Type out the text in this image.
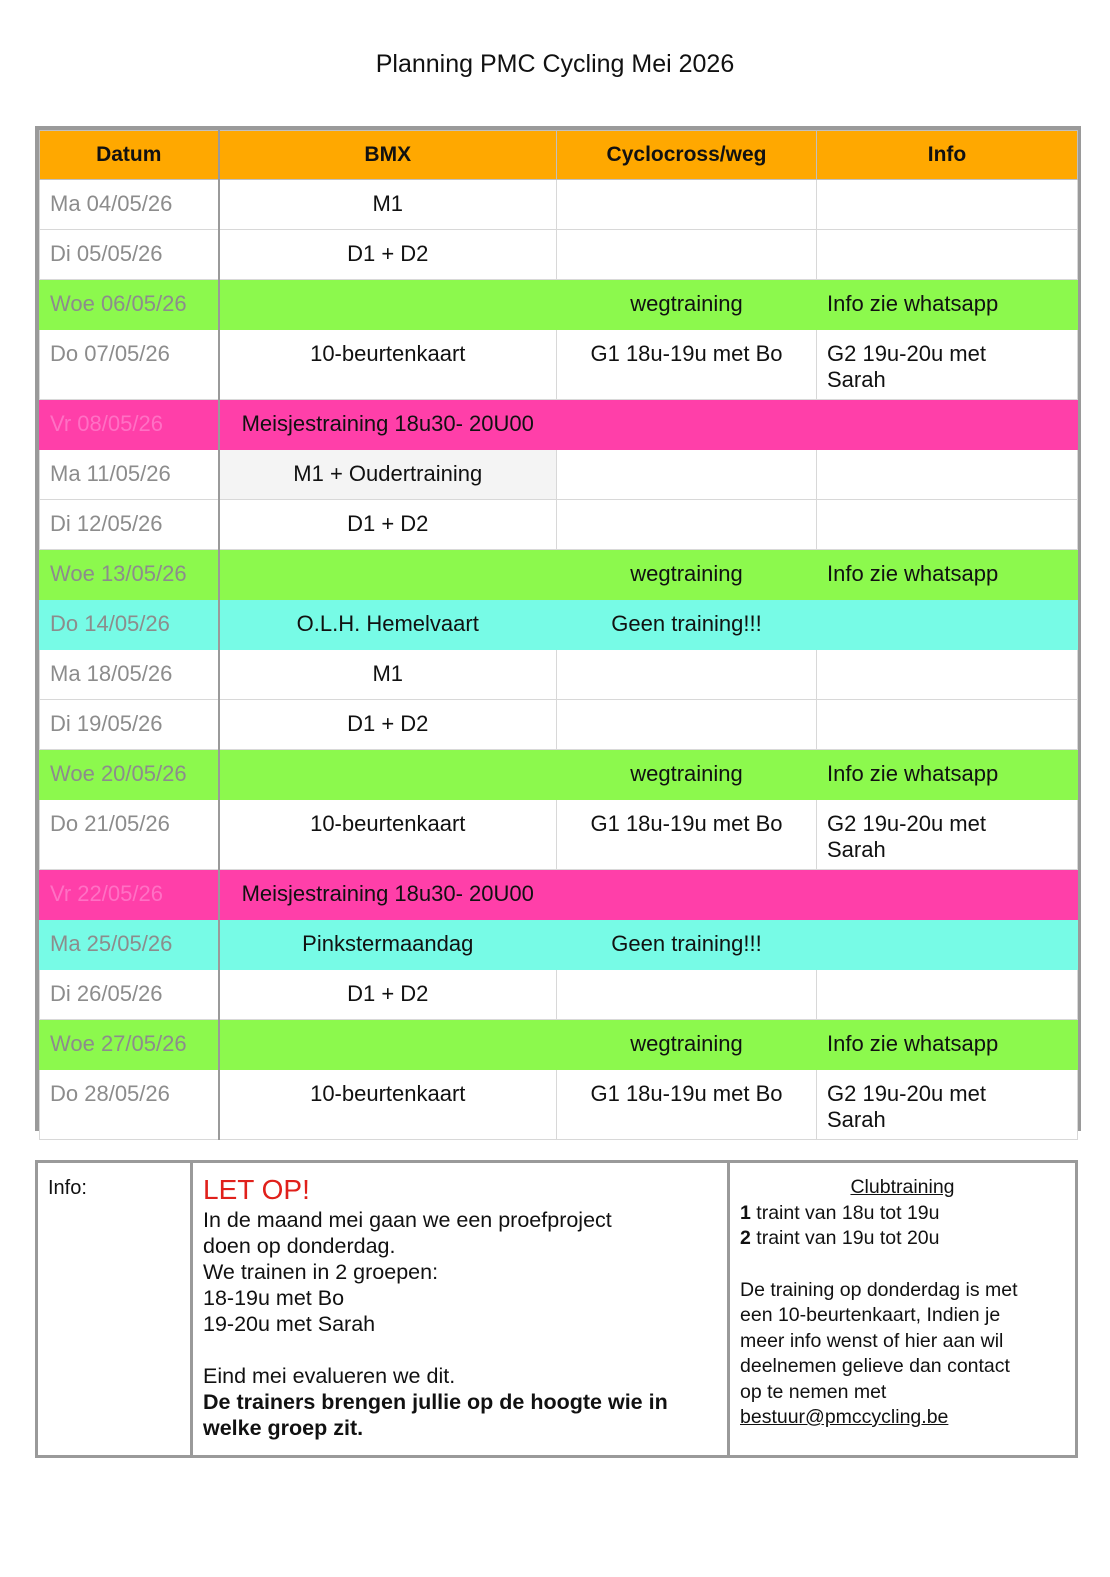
Planning PMC Cycling Mei 2026
Datum	BMX	Cyclocross/weg	Info
Ma 04/05/26	M1		
Di 05/05/26	D1 + D2		
Woe 06/05/26		wegtraining	Info zie whatsapp
Do 07/05/26	10-beurtenkaart	G1 18u-19u met Bo	G2 19u-20u met
Sarah
Vr 08/05/26	Meisjestraining 18u30- 20U00		
Ma 11/05/26	M1 + Oudertraining		
Di 12/05/26	D1 + D2		
Woe 13/05/26		wegtraining	Info zie whatsapp
Do 14/05/26	O.L.H. Hemelvaart	Geen training!!!	
Ma 18/05/26	M1		
Di 19/05/26	D1 + D2		
Woe 20/05/26		wegtraining	Info zie whatsapp
Do 21/05/26	10-beurtenkaart	G1 18u-19u met Bo	G2 19u-20u met
Sarah
Vr 22/05/26	Meisjestraining 18u30- 20U00		
Ma 25/05/26	Pinkstermaandag	Geen training!!!	
Di 26/05/26	D1 + D2		
Woe 27/05/26		wegtraining	Info zie whatsapp
Do 28/05/26	10-beurtenkaart	G1 18u-19u met Bo	G2 19u-20u met
Sarah
Info:	LET OP!
In de maand mei gaan we een proefproject
doen op donderdag.
We trainen in 2 groepen:
18-19u met Bo
19-20u met Sarah
Eind mei evalueren we dit.
De trainers brengen jullie op de hoogte wie in
welke groep zit.
Clubtraining
1 traint van 18u tot 19u
2 traint van 19u tot 20u
De training op donderdag is met
een 10-beurtenkaart, Indien je
meer info wenst of hier aan wil
deelnemen gelieve dan contact
op te nemen met
bestuur@pmccycling.be
